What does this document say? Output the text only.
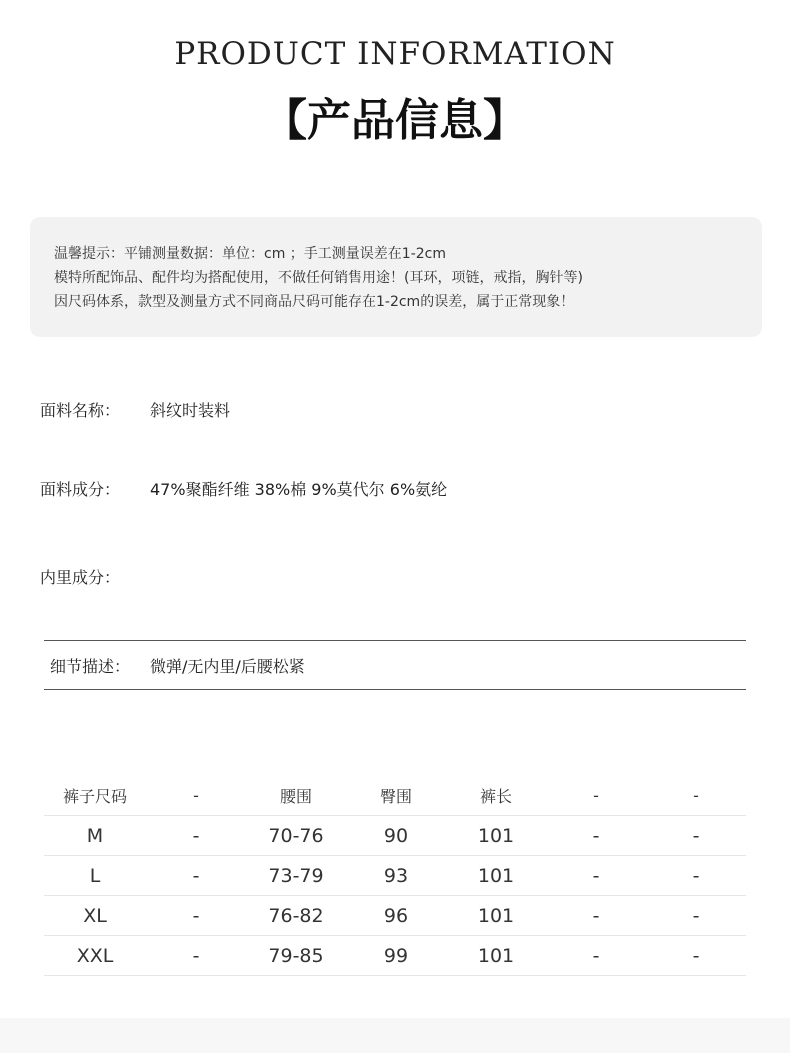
PRODUCT INFORMATION
【产品信息】
温馨提示：平铺测量数据：单位：cm ；手工测量误差在1-2cm
模特所配饰品、配件均为搭配使用，不做任何销售用途！(耳环，项链，戒指，胸针等)
因尺码体系，款型及测量方式不同商品尺码可能存在1-2cm的误差，属于正常现象！
面料名称： 斜纹时装料
面料成分： 47%聚酯纤维 38%棉 9%莫代尔 6%氨纶
内里成分：
细节描述： 微弹/无内里/后腰松紧
裤子尺码	-	腰围	臀围	裤长	-	-
M	-	70-76	90	101	-	-
L	-	73-79	93	101	-	-
XL	-	76-82	96	101	-	-
XXL	-	79-85	99	101	-	-
